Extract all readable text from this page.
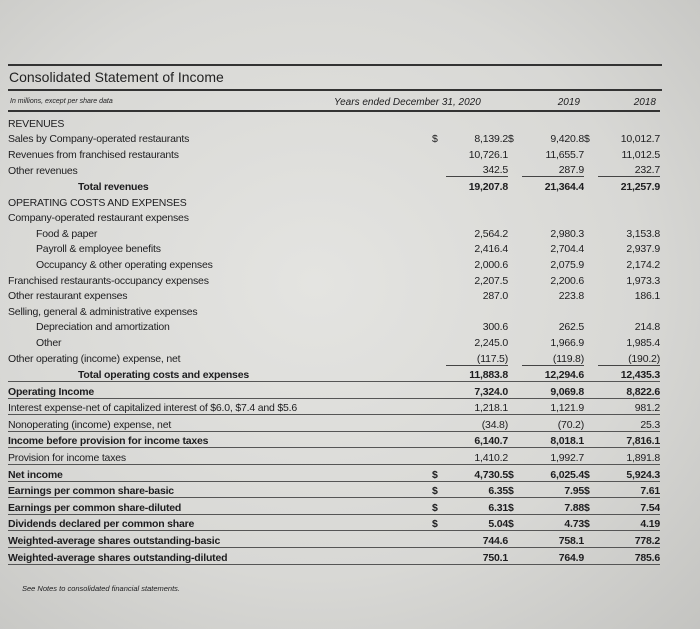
Consolidated Statement of Income
In millions, except per share data	Years ended December 31, 2020	2019	2018
REVENUES						
Sales by Company-operated restaurants	$	8,139.2	$	9,420.8	$	10,012.7
Revenues from franchised restaurants		10,726.1		11,655.7		11,012.5
Other revenues		342.5		287.9		232.7
Total revenues		19,207.8		21,364.4		21,257.9
OPERATING COSTS AND EXPENSES						
Company-operated restaurant expenses						
Food & paper		2,564.2		2,980.3		3,153.8
Payroll & employee benefits		2,416.4		2,704.4		2,937.9
Occupancy & other operating expenses		2,000.6		2,075.9		2,174.2
Franchised restaurants-occupancy expenses		2,207.5		2,200.6		1,973.3
Other restaurant expenses		287.0		223.8		186.1
Selling, general & administrative expenses						
Depreciation and amortization		300.6		262.5		214.8
Other		2,245.0		1,966.9		1,985.4
Other operating (income) expense, net		(117.5)		(119.8)		(190.2)
Total operating costs and expenses		11,883.8		12,294.6		12,435.3
Operating Income		7,324.0		9,069.8		8,822.6
Interest expense-net of capitalized interest of $6.0, $7.4 and $5.6		1,218.1		1,121.9		981.2
Nonoperating (income) expense, net		(34.8)		(70.2)		25.3
Income before provision for income taxes		6,140.7		8,018.1		7,816.1
Provision for income taxes		1,410.2		1,992.7		1,891.8
Net income	$	4,730.5	$	6,025.4	$	5,924.3
Earnings per common share-basic	$	6.35	$	7.95	$	7.61
Earnings per common share-diluted	$	6.31	$	7.88	$	7.54
Dividends declared per common share	$	5.04	$	4.73	$	4.19
Weighted-average shares outstanding-basic		744.6		758.1		778.2
Weighted-average shares outstanding-diluted		750.1		764.9		785.6
See Notes to consolidated financial statements.
